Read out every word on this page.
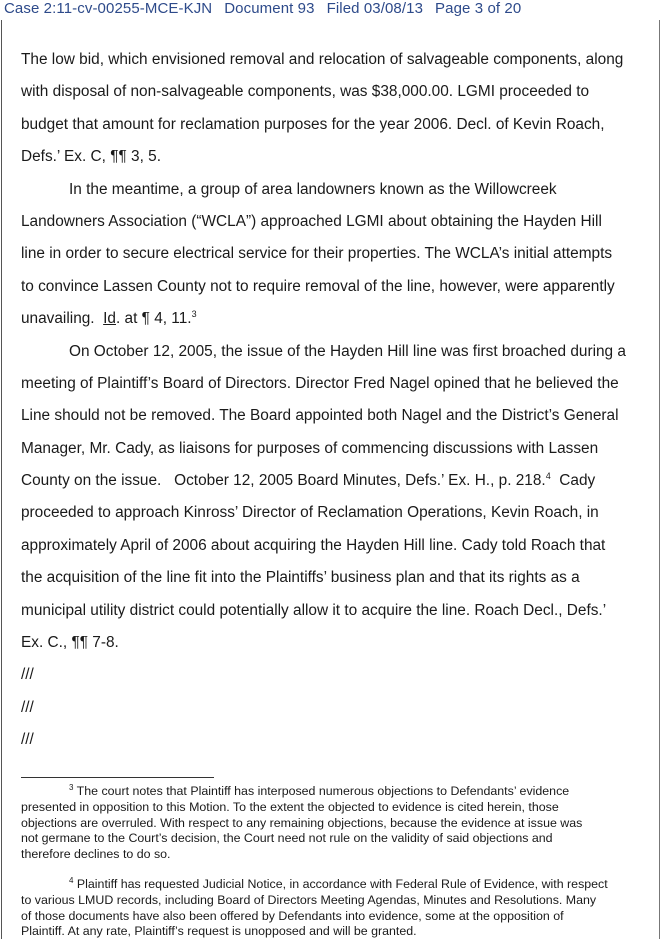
Case 2:11-cv-00255-MCE-KJN Document 93 Filed 03/08/13 Page 3 of 20
The low bid, which envisioned removal and relocation of salvageable components, along
with disposal of non-salvageable components, was $38,000.00. LGMI proceeded to
budget that amount for reclamation purposes for the year 2006. Decl. of Kevin Roach,
Defs.’ Ex. C, ¶¶ 3, 5.
In the meantime, a group of area landowners known as the Willowcreek
Landowners Association (“WCLA”) approached LGMI about obtaining the Hayden Hill
line in order to secure electrical service for their properties. The WCLA’s initial attempts
to convince Lassen County not to require removal of the line, however, were apparently
unavailing.  Id. at ¶ 4, 11.$^3$
On October 12, 2005, the issue of the Hayden Hill line was first broached during a
meeting of Plaintiff’s Board of Directors. Director Fred Nagel opined that he believed the
Line should not be removed. The Board appointed both Nagel and the District’s General
Manager, Mr. Cady, as liaisons for purposes of commencing discussions with Lassen
County on the issue.   October 12, 2005 Board Minutes, Defs.’ Ex. H., p. 218.$^4$  Cady
proceeded to approach Kinross’ Director of Reclamation Operations, Kevin Roach, in
approximately April of 2006 about acquiring the Hayden Hill line. Cady told Roach that
the acquisition of the line fit into the Plaintiffs’ business plan and that its rights as a
municipal utility district could potentially allow it to acquire the line. Roach Decl., Defs.’
Ex. C., ¶¶ 7-8.
///
///
///
$^3$ The court notes that Plaintiff has interposed numerous objections to Defendants’ evidence
presented in opposition to this Motion. To the extent the objected to evidence is cited herein, those
objections are overruled. With respect to any remaining objections, because the evidence at issue was
not germane to the Court’s decision, the Court need not rule on the validity of said objections and
therefore declines to do so.
$^4$ Plaintiff has requested Judicial Notice, in accordance with Federal Rule of Evidence, with respect
to various LMUD records, including Board of Directors Meeting Agendas, Minutes and Resolutions. Many
of those documents have also been offered by Defendants into evidence, some at the opposition of
Plaintiff. At any rate, Plaintiff’s request is unopposed and will be granted.
